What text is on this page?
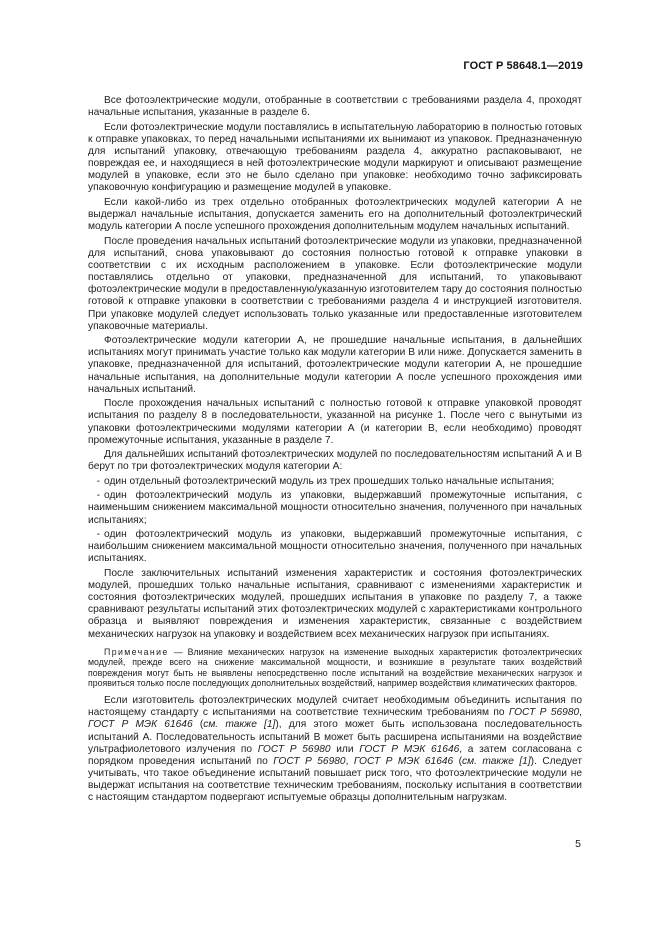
ГОСТ Р 58648.1—2019

Все фотоэлектрические модули, отобранные в соответствии с требованиями раздела 4, проходят начальные испытания, указанные в разделе 6.

Если фотоэлектрические модули поставлялись в испытательную лабораторию в полностью готовых к отправке упаковках, то перед начальными испытаниями их вынимают из упаковок. Предназначенную для испытаний упаковку, отвечающую требованиям раздела 4, аккуратно распаковывают, не повреждая ее, и находящиеся в ней фотоэлектрические модули маркируют и описывают размещение модулей в упаковке, если это не было сделано при упаковке: необходимо точно зафиксировать упаковочную конфигурацию и размещение модулей в упаковке.

Если какой-либо из трех отдельно отобранных фотоэлектрических модулей категории А не выдержал начальные испытания, допускается заменить его на дополнительный фотоэлектрический модуль категории А после успешного прохождения дополнительным модулем начальных испытаний.

После проведения начальных испытаний фотоэлектрические модули из упаковки, предназначенной для испытаний, снова упаковывают до состояния полностью готовой к отправке упаковки в соответствии с их исходным расположением в упаковке. Если фотоэлектрические модули поставлялись отдельно от упаковки, предназначенной для испытаний, то упаковывают фотоэлектрические модули в предоставленную/указанную изготовителем тару до состояния полностью готовой к отправке упаковки в соответствии с требованиями раздела 4 и инструкцией изготовителя. При упаковке модулей следует использовать только указанные или предоставленные изготовителем упаковочные материалы.

Фотоэлектрические модули категории А, не прошедшие начальные испытания, в дальнейших испытаниях могут принимать участие только как модули категории В или ниже. Допускается заменить в упаковке, предназначенной для испытаний, фотоэлектрические модули категории А, не прошедшие начальные испытания, на дополнительные модули категории А после успешного прохождения ими начальных испытаний.

После прохождения начальных испытаний с полностью готовой к отправке упаковкой проводят испытания по разделу 8 в последовательности, указанной на рисунке 1. После чего с вынутыми из упаковки фотоэлектрическими модулями категории А (и категории В, если необходимо) проводят промежуточные испытания, указанные в разделе 7.

Для дальнейших испытаний фотоэлектрических модулей по последовательностям испытаний А и В берут по три фотоэлектрических модуля категории А:

- один отдельный фотоэлектрический модуль из трех прошедших только начальные испытания;

- один фотоэлектрический модуль из упаковки, выдержавший промежуточные испытания, с наименьшим снижением максимальной мощности относительно значения, полученного при начальных испытаниях;

- один фотоэлектрический модуль из упаковки, выдержавший промежуточные испытания, с наибольшим снижением максимальной мощности относительно значения, полученного при начальных испытаниях.

После заключительных испытаний изменения характеристик и состояния фотоэлектрических модулей, прошедших только начальные испытания, сравнивают с изменениями характеристик и состояния фотоэлектрических модулей, прошедших испытания в упаковке по разделу 7, а также сравнивают результаты испытаний этих фотоэлектрических модулей с характеристиками контрольного образца и выявляют повреждения и изменения характеристик, связанные с воздействием механических нагрузок на упаковку и воздействием всех механических нагрузок при испытаниях.

Примечание — Влияние механических нагрузок на изменение выходных характеристик фотоэлектрических модулей, прежде всего на снижение максимальной мощности, и возникшие в результате таких воздействий повреждения могут быть не выявлены непосредственно после испытаний на воздействие механических нагрузок и проявиться только после последующих дополнительных воздействий, например воздействия климатических факторов.

Если изготовитель фотоэлектрических модулей считает необходимым объединить испытания по настоящему стандарту с испытаниями на соответствие техническим требованиям по ГОСТ Р 56980, ГОСТ Р МЭК 61646 (см. также [1]), для этого может быть использована последовательность испытаний А. Последовательность испытаний В может быть расширена испытаниями на воздействие ультрафиолетового излучения по ГОСТ Р 56980 или ГОСТ Р МЭК 61646, а затем согласована с порядком проведения испытаний по ГОСТ Р 56980, ГОСТ Р МЭК 61646 (см. также [1]). Следует учитывать, что такое объединение испытаний повышает риск того, что фотоэлектрические модули не выдержат испытания на соответствие техническим требованиям, поскольку испытания в соответствии с настоящим стандартом подвергают испытуемые образцы дополнительным нагрузкам.

5
